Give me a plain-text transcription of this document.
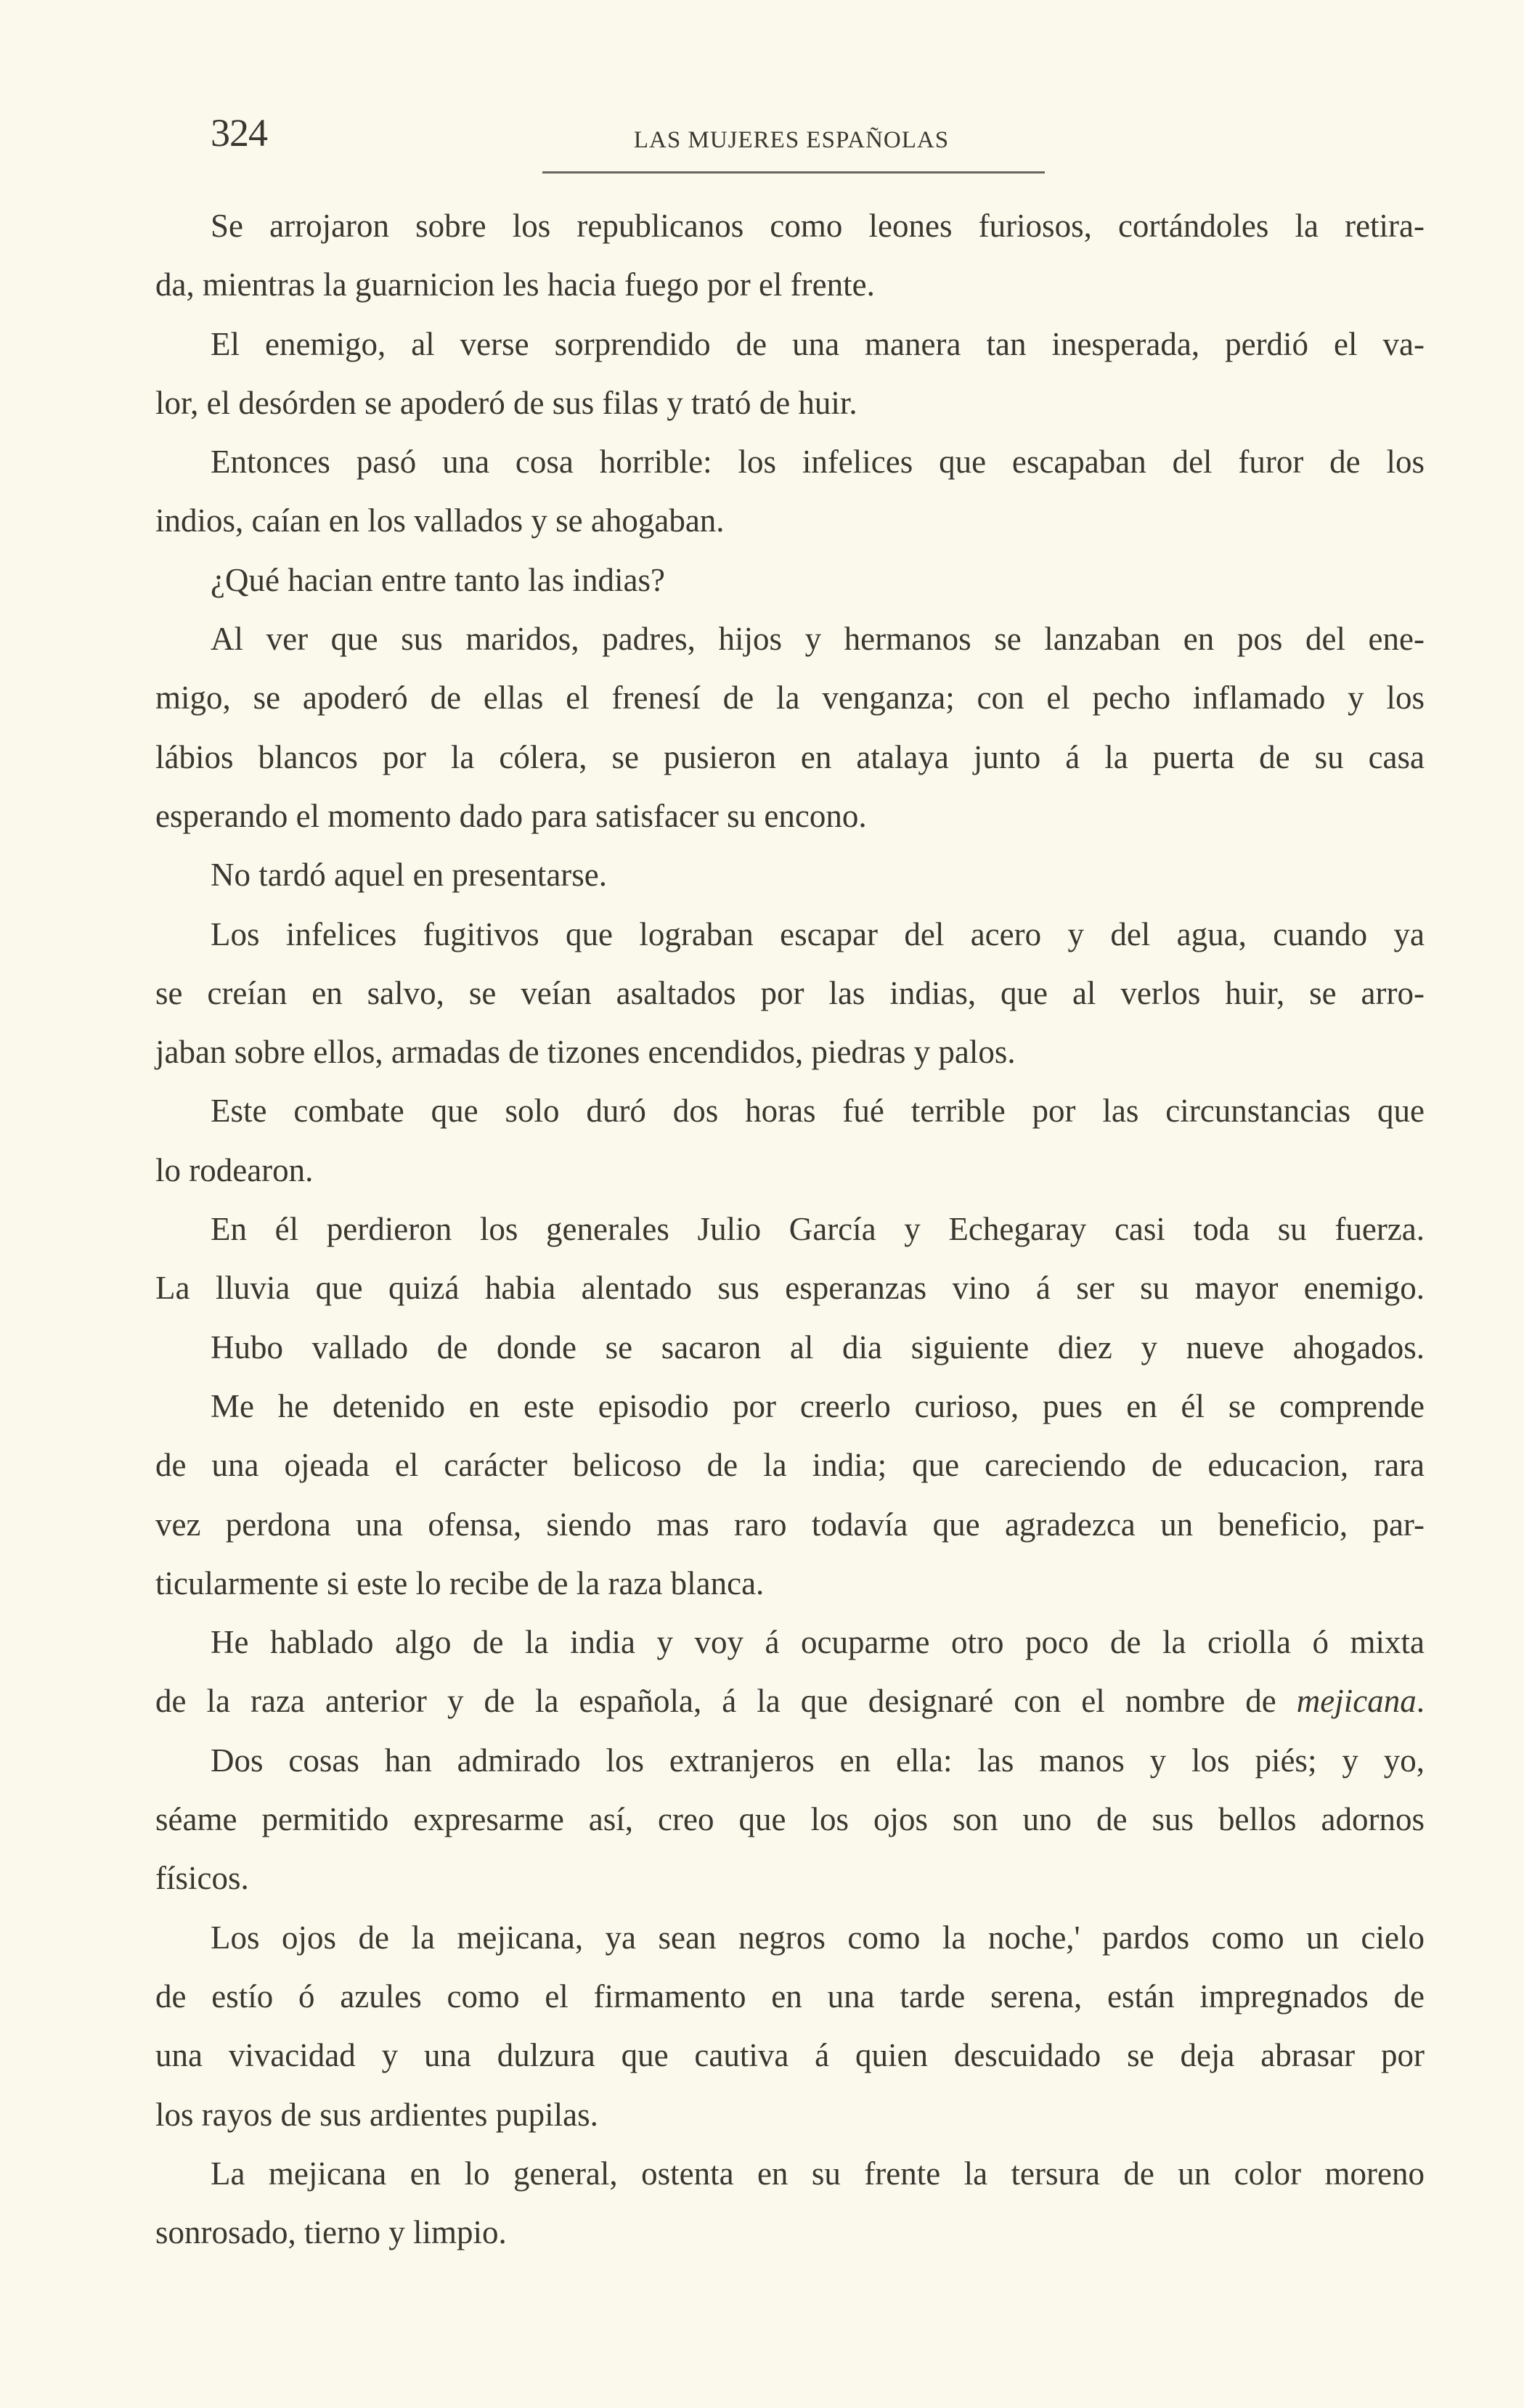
324	LAS MUJERES ESPAÑOLAS
Se arrojaron sobre los republicanos como leones furiosos, cortándoles la retira-
da, mientras la guarnicion les hacia fuego por el frente.
El enemigo, al verse sorprendido de una manera tan inesperada, perdió el va-
lor, el desórden se apoderó de sus filas y trató de huir.
Entonces pasó una cosa horrible: los infelices que escapaban del furor de los
indios, caían en los vallados y se ahogaban.
¿Qué hacian entre tanto las indias?
Al ver que sus maridos, padres, hijos y hermanos se lanzaban en pos del ene-
migo, se apoderó de ellas el frenesí de la venganza; con el pecho inflamado y los
lábios blancos por la cólera, se pusieron en atalaya junto á la puerta de su casa
esperando el momento dado para satisfacer su encono.
No tardó aquel en presentarse.
Los infelices fugitivos que lograban escapar del acero y del agua, cuando ya
se creían en salvo, se veían asaltados por las indias, que al verlos huir, se arro-
jaban sobre ellos, armadas de tizones encendidos, piedras y palos.
Este combate que solo duró dos horas fué terrible por las circunstancias que
lo rodearon.
En él perdieron los generales Julio García y Echegaray casi toda su fuerza.
La lluvia que quizá habia alentado sus esperanzas vino á ser su mayor enemigo.
Hubo vallado de donde se sacaron al dia siguiente diez y nueve ahogados.
Me he detenido en este episodio por creerlo curioso, pues en él se comprende
de una ojeada el carácter belicoso de la india; que careciendo de educacion, rara
vez perdona una ofensa, siendo mas raro todavía que agradezca un beneficio, par-
ticularmente si este lo recibe de la raza blanca.
He hablado algo de la india y voy á ocuparme otro poco de la criolla ó mixta
de la raza anterior y de la española, á la que designaré con el nombre de mejicana.
Dos cosas han admirado los extranjeros en ella: las manos y los piés; y yo,
séame permitido expresarme así, creo que los ojos son uno de sus bellos adornos
físicos.
Los ojos de la mejicana, ya sean negros como la noche,' pardos como un cielo
de estío ó azules como el firmamento en una tarde serena, están impregnados de
una vivacidad y una dulzura que cautiva á quien descuidado se deja abrasar por
los rayos de sus ardientes pupilas.
La mejicana en lo general, ostenta en su frente la tersura de un color moreno
sonrosado, tierno y limpio.
